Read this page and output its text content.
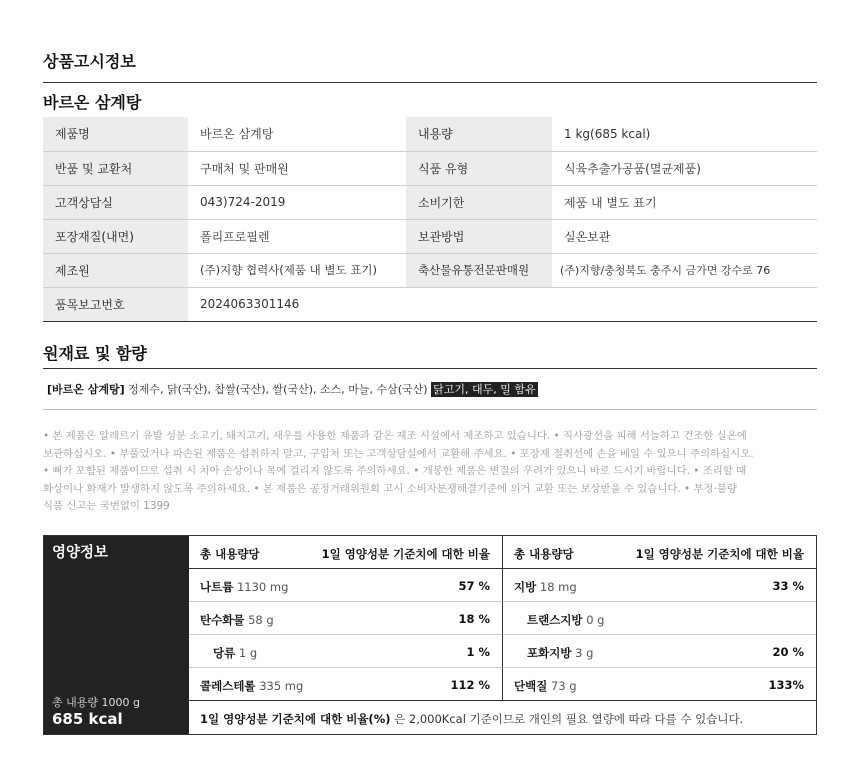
상품고시정보
바르온 삼계탕
제품명	바르온 삼계탕	내용량	1 kg(685 kcal)
반품 및 교환처	구매처 및 판매원	식품 유형	식육추출가공품(멸균제품)
고객상담실	043)724-2019	소비기한	제품 내 별도 표기
포장재질(내면)	폴리프로필렌	보관방법	실온보관
제조원	(주)지향 협력사(제품 내 별도 표기)	축산물유통전문판매원	(주)지향/충청북도 충주시 금가면 강수로 76
품목보고번호	2024063301146		
원재료 및 함량
[바르온 삼계탕] 정제수, 닭(국산), 찹쌀(국산), 쌀(국산), 소스, 마늘, 수삼(국산) 닭고기, 대두, 밀 함유

• 본 제품은 알레르기 유발 성분 소고기, 돼지고기, 새우를 사용한 제품과 같은 제조 시설에서 제조하고 있습니다. • 직사광선을 피해 서늘하고 건조한 실온에

보관하십시오. • 부풀었거나 파손된 제품은 섭취하지 말고, 구입처 또는 고객상담실에서 교환해 주세요. • 포장재 절취선에 손을 베일 수 있으니 주의하십시오.

• 뼈가 포함된 제품이므로 섭취 시 치아 손상이나 목에 걸리지 않도록 주의하세요. • 개봉한 제품은 변질의 우려가 있으니 바로 드시기 바랍니다. • 조리할 때

화상이나 화재가 발생하지 않도록 주의하세요. • 본 제품은 공정거래위원회 고시 소비자분쟁해결기준에 의거 교환 또는 보상받을 수 있습니다. • 부정·불량

식품 신고는 국번없이 1399

영양정보
총 내용량 1000 g
685 kcal
총 내용량당	1일 영양성분 기준치에 대한 비율 총 내용량당	1일 영양성분 기준치에 대한 비율
나트륨 1130 mg	57 % 지방 18 mg	33 %
탄수화물 58 g	18 %	트랜스지방 0 g
당류 1 g	1 %	포화지방 3 g	20 %
콜레스테롤 335 mg	112 % 단백질 73 g	133%
1일 영양성분 기준치에 대한 비율(%) 은 2,000Kcal 기준이므로 개인의 필요 열량에 따라 다를 수 있습니다.
